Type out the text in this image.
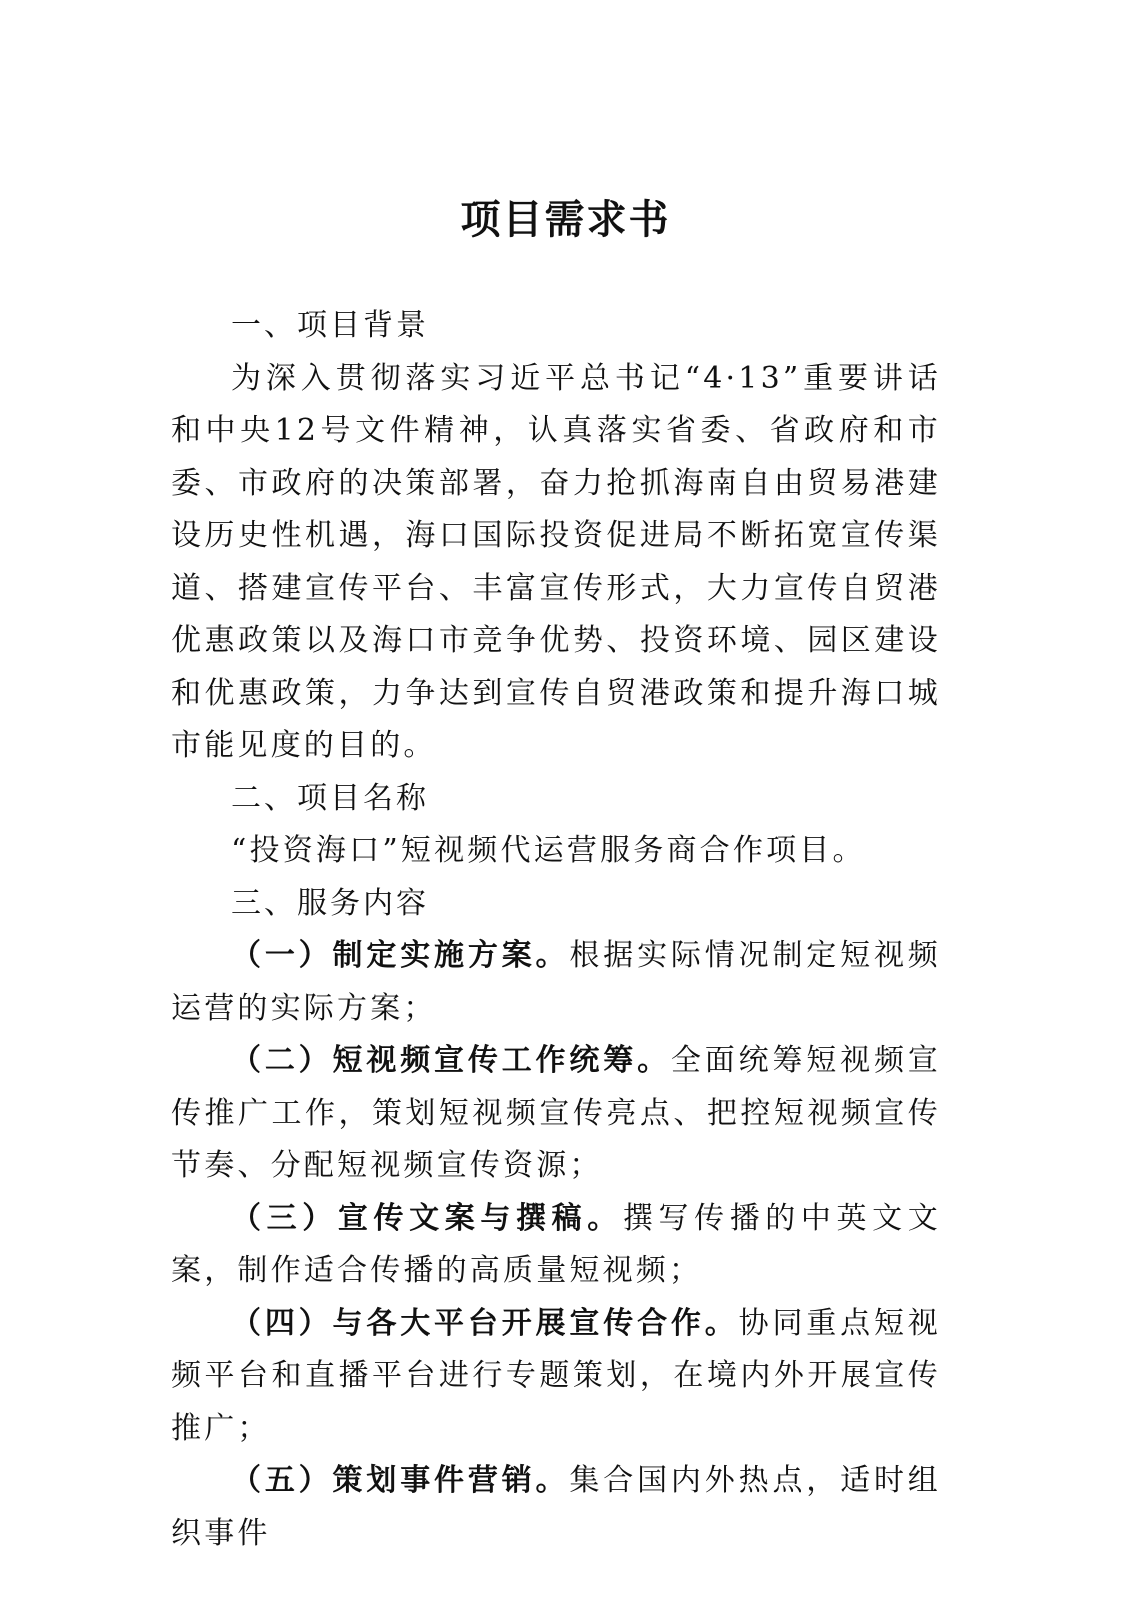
项目需求书
一、项目背景

为深入贯彻落实习近平总书记“4·13”重要讲话和中央12号文件精神，认真落实省委、省政府和市委、市政府的决策部署，奋力抢抓海南自由贸易港建设历史性机遇，海口国际投资促进局不断拓宽宣传渠道、搭建宣传平台、丰富宣传形式，大力宣传自贸港优惠政策以及海口市竞争优势、投资环境、园区建设和优惠政策，力争达到宣传自贸港政策和提升海口城市能见度的目的。

二、项目名称

“投资海口”短视频代运营服务商合作项目。

三、服务内容

（一）制定实施方案。根据实际情况制定短视频运营的实际方案；

（二）短视频宣传工作统筹。全面统筹短视频宣传推广工作，策划短视频宣传亮点、把控短视频宣传节奏、分配短视频宣传资源；

（三）宣传文案与撰稿。撰写传播的中英文文案，制作适合传播的高质量短视频；

（四）与各大平台开展宣传合作。协同重点短视频平台和直播平台进行专题策划，在境内外开展宣传推广；

（五）策划事件营销。集合国内外热点，适时组织事件
